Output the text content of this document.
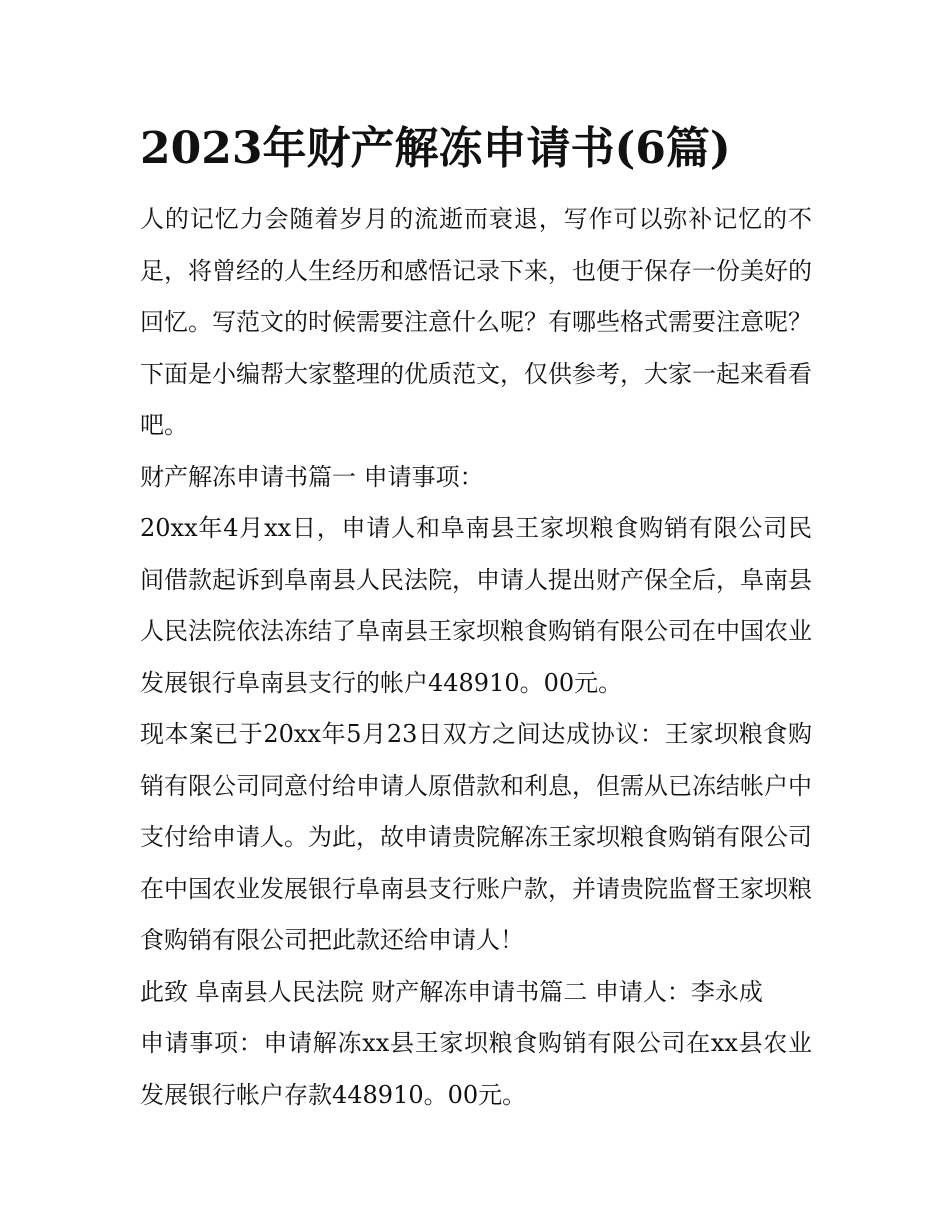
2023年财产解冻申请书(6篇)

人的记忆力会随着岁月的流逝而衰退，写作可以弥补记忆的不足，将曾经的人生经历和感悟记录下来，也便于保存一份美好的回忆。写范文的时候需要注意什么呢？有哪些格式需要注意呢？下面是小编帮大家整理的优质范文，仅供参考，大家一起来看看吧。

财产解冻申请书篇一 申请事项：

20xx年4月xx日，申请人和阜南县王家坝粮食购销有限公司民间借款起诉到阜南县人民法院，申请人提出财产保全后，阜南县人民法院依法冻结了阜南县王家坝粮食购销有限公司在中国农业发展银行阜南县支行的帐户448910。00元。

现本案已于20xx年5月23日双方之间达成协议：王家坝粮食购销有限公司同意付给申请人原借款和利息，但需从已冻结帐户中支付给申请人。为此，故申请贵院解冻王家坝粮食购销有限公司在中国农业发展银行阜南县支行账户款，并请贵院监督王家坝粮食购销有限公司把此款还给申请人！

此致 阜南县人民法院 财产解冻申请书篇二 申请人：李永成

申请事项：申请解冻xx县王家坝粮食购销有限公司在xx县农业发展银行帐户存款448910。00元。
